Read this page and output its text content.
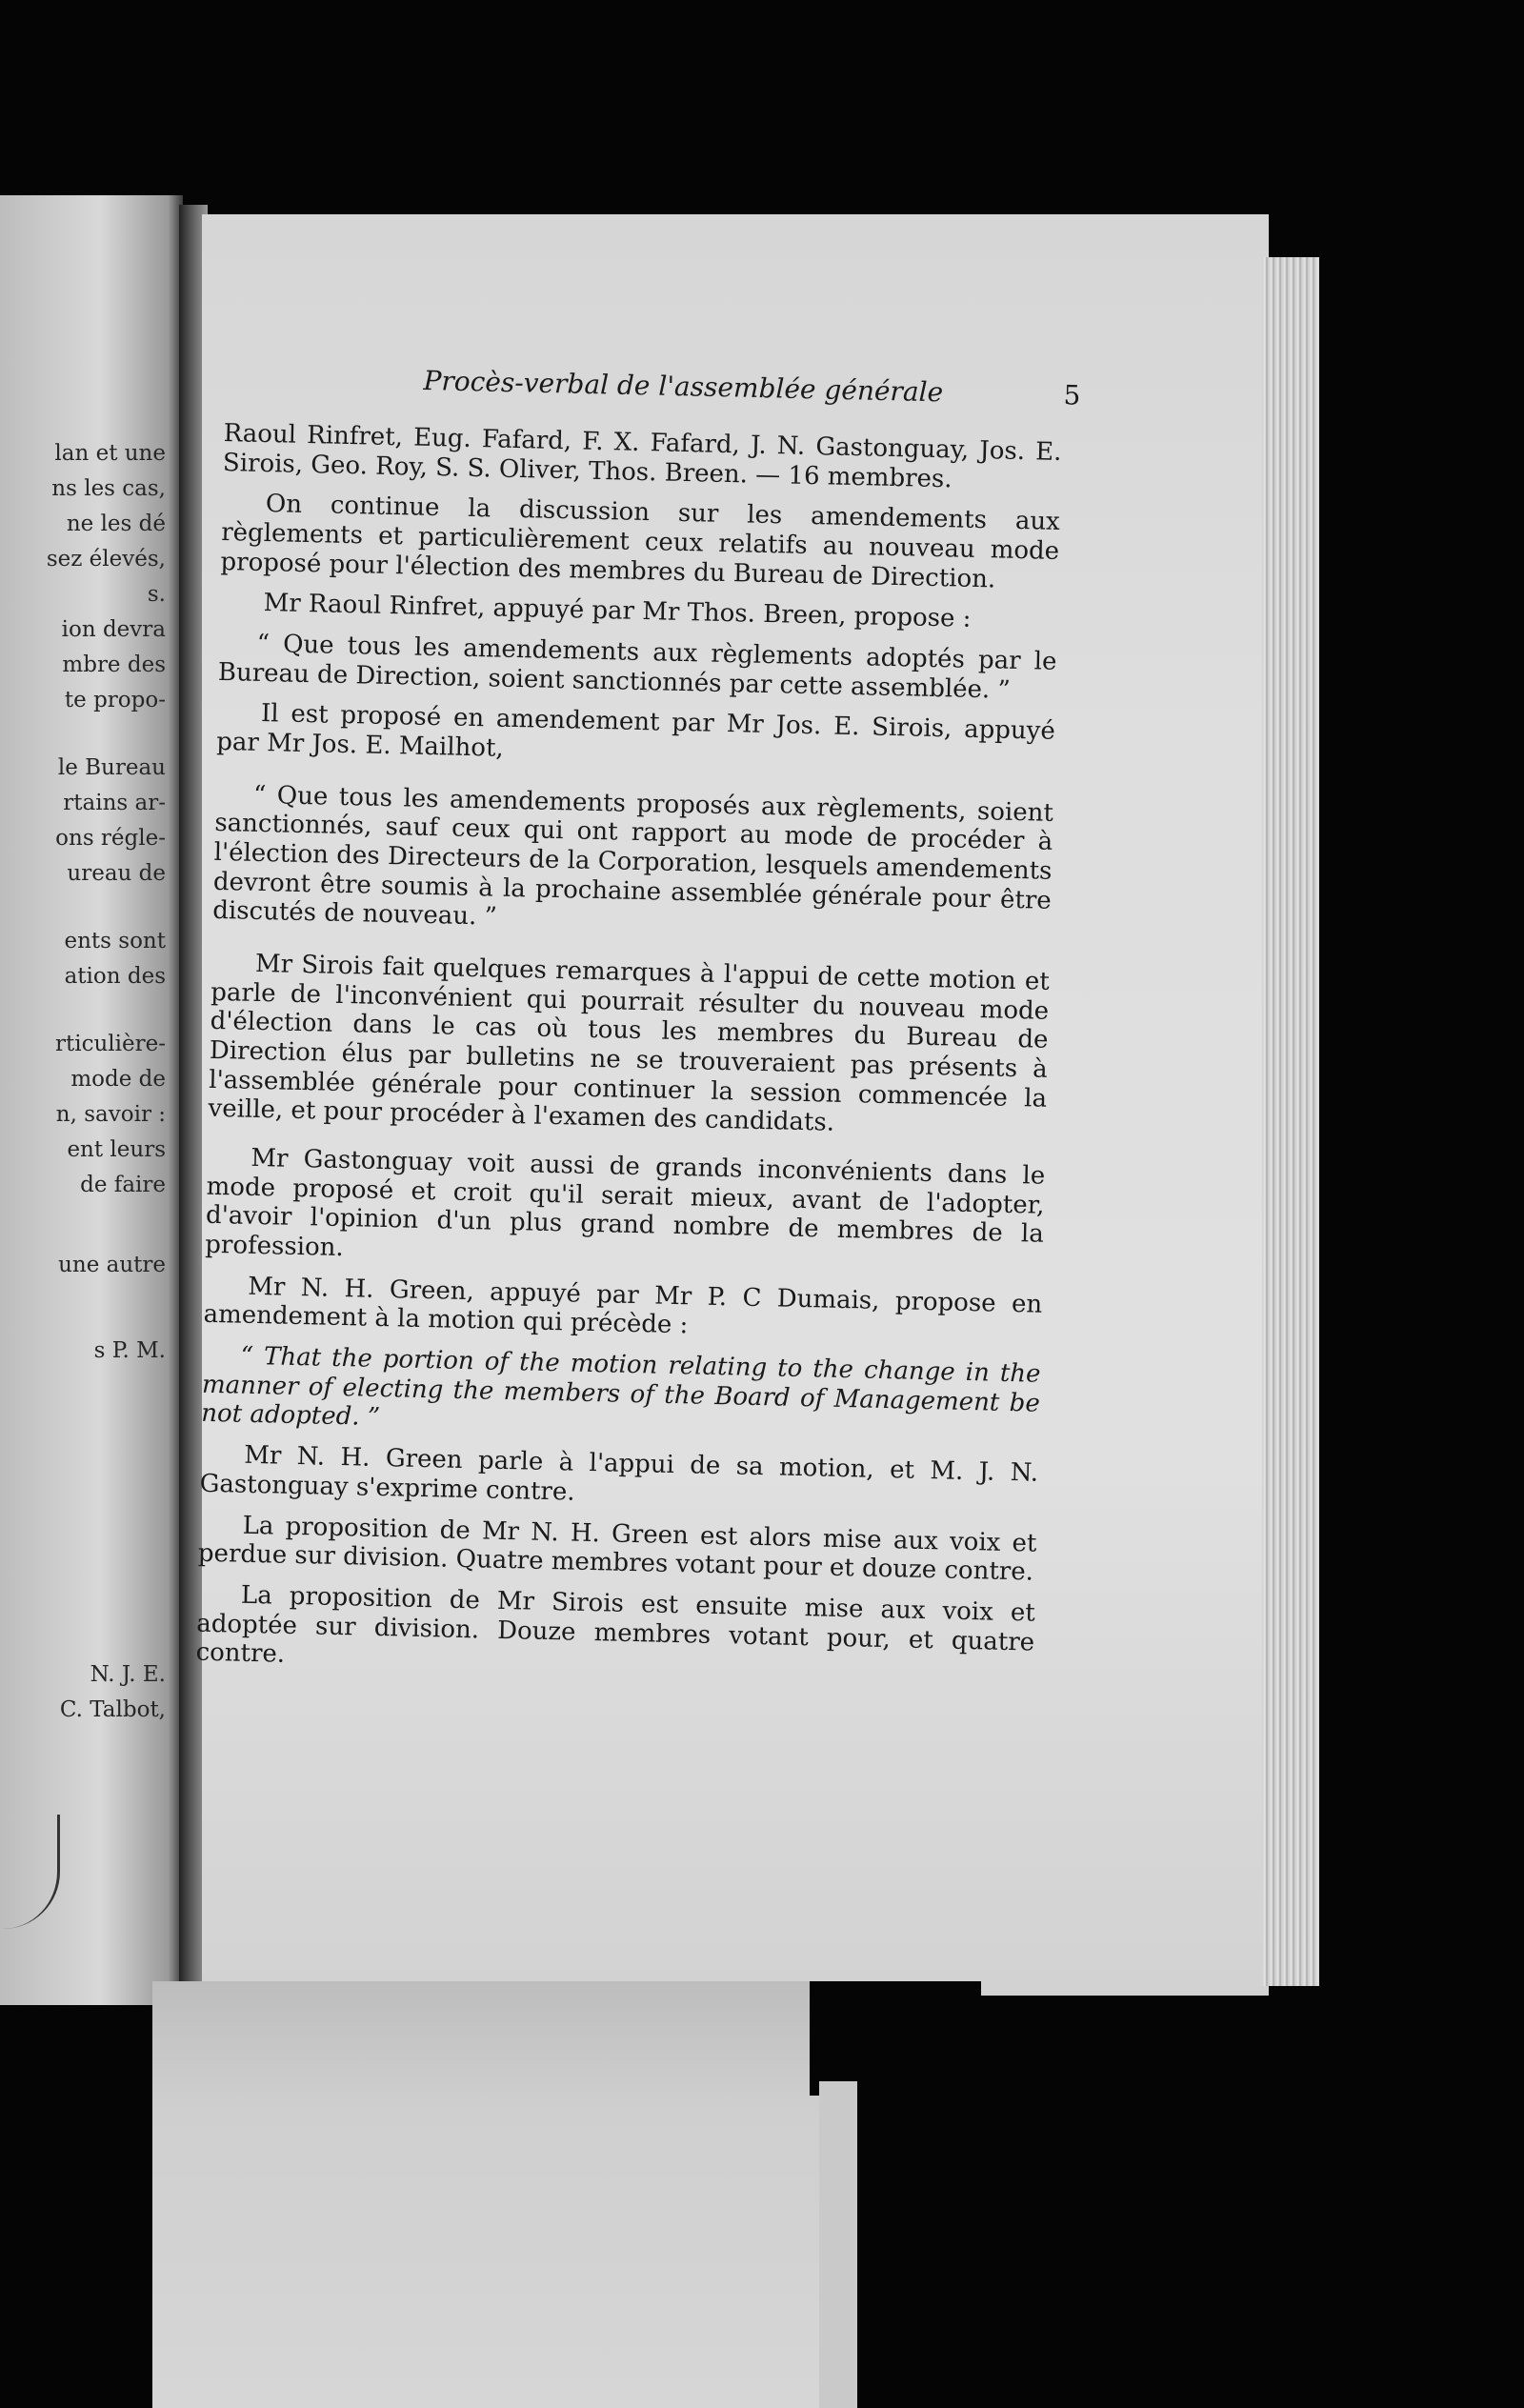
lan et une
ns les cas,
ne les dé
sez élevés,
s.
ion devra
mbre des
te propo-
le Bureau
rtains ar-
ons régle-
ureau de
ents sont
ation des
rticulière-
mode de
n, savoir :
ent leurs
de faire
une autre
s P. M.
N. J. E.
C. Talbot,
Procès-verbal de l'assemblée générale	5

Raoul Rinfret, Eug. Fafard, F. X. Fafard, J. N. Gastonguay, Jos. E. Sirois, Geo. Roy, S. S. Oliver, Thos. Breen. — 16 membres.

On continue la discussion sur les amendements aux règlements et particulièrement ceux relatifs au nouveau mode proposé pour l'élection des membres du Bureau de Direction.

Mr Raoul Rinfret, appuyé par Mr Thos. Breen, propose :

“ Que tous les amendements aux règlements adoptés par le Bureau de Direction, soient sanctionnés par cette assemblée. ”

Il est proposé en amendement par Mr Jos. E. Sirois, appuyé par Mr Jos. E. Mailhot,

“ Que tous les amendements proposés aux règlements, soient sanctionnés, sauf ceux qui ont rapport au mode de procéder à l'élection des Directeurs de la Corporation, lesquels amendements devront être soumis à la prochaine assemblée générale pour être discutés de nouveau. ”

Mr Sirois fait quelques remarques à l'appui de cette motion et parle de l'inconvénient qui pourrait résulter du nouveau mode d'élection dans le cas où tous les membres du Bureau de Direction élus par bulletins ne se trouveraient pas présents à l'assemblée générale pour continuer la session commencée la veille, et pour procéder à l'examen des candidats.

Mr Gastonguay voit aussi de grands inconvénients dans le mode proposé et croit qu'il serait mieux, avant de l'adopter, d'avoir l'opinion d'un plus grand nombre de membres de la profession.

Mr N. H. Green, appuyé par Mr P. C Dumais, propose en amendement à la motion qui précède :

“ That the portion of the motion relating to the change in the manner of electing the members of the Board of Management be not adopted. ”

Mr N. H. Green parle à l'appui de sa motion, et M. J. N. Gastonguay s'exprime contre.

La proposition de Mr N. H. Green est alors mise aux voix et perdue sur division. Quatre membres votant pour et douze contre.

La proposition de Mr Sirois est ensuite mise aux voix et adoptée sur division. Douze membres votant pour, et quatre contre.
